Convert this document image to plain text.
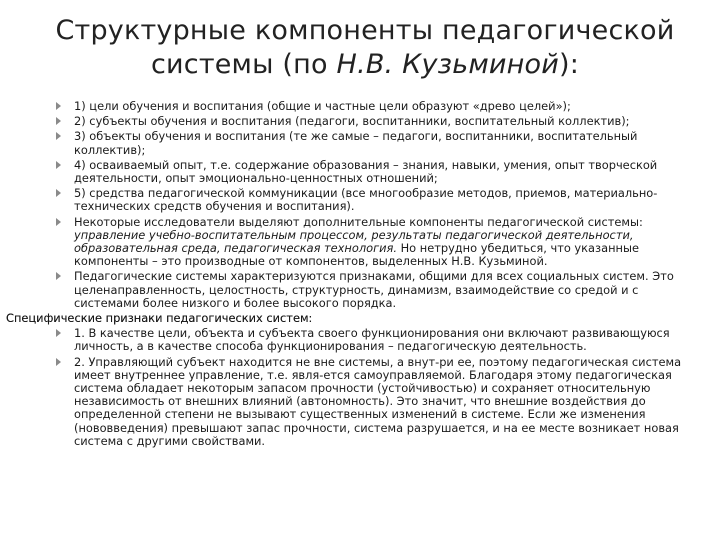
Структурные компоненты педагогической
системы (по Н.В. Кузьминой):
1) цели обучения и воспитания (общие и частные цели образуют «древо целей»);
2) субъекты обучения и воспитания (педагоги, воспитанники, воспитательный коллектив);
3) объекты обучения и воспитания (те же самые – педагоги, воспитанники, воспитательный коллектив);
4) осваиваемый опыт, т.е. содержание образования – знания, навыки, умения, опыт творческой деятельности, опыт эмоционально-ценностных отношений;
5) средства педагогической коммуникации (все многообразие методов, приемов, материально-технических средств обучения и воспитания).
Некоторые исследователи выделяют дополнительные компоненты педагогической системы: управление учебно-воспитательным процессом, результаты педагогической деятельности, образовательная среда, педагогическая технология. Но нетрудно убедиться, что указанные компоненты – это производные от компонентов, выделенных Н.В. Кузьминой.
Педагогические системы характеризуются признаками, общими для всех социальных систем. Это целенаправленность, целостность, структурность, динамизм, взаимодействие со средой и с системами более низкого и более высокого порядка.
Специфические признаки педагогических систем:
1. В качестве цели, объекта и субъекта своего функционирования они включают развивающуюся личность, а в качестве способа функционирования – педагогическую деятельность.
2. Управляющий субъект находится не вне системы, а внут-ри ее, поэтому педагогическая система имеет внутреннее управление, т.е. явля-ется самоуправляемой. Благодаря этому педагогическая система обладает некоторым запасом прочности (устойчивостью) и сохраняет относительную независимость от внешних влияний (автономность). Это значит, что внешние воздействия до определенной степени не вызывают существенных изменений в системе. Если же изменения (нововведения) превышают запас прочности, система разрушается, и на ее месте возникает новая система с другими свойствами.
